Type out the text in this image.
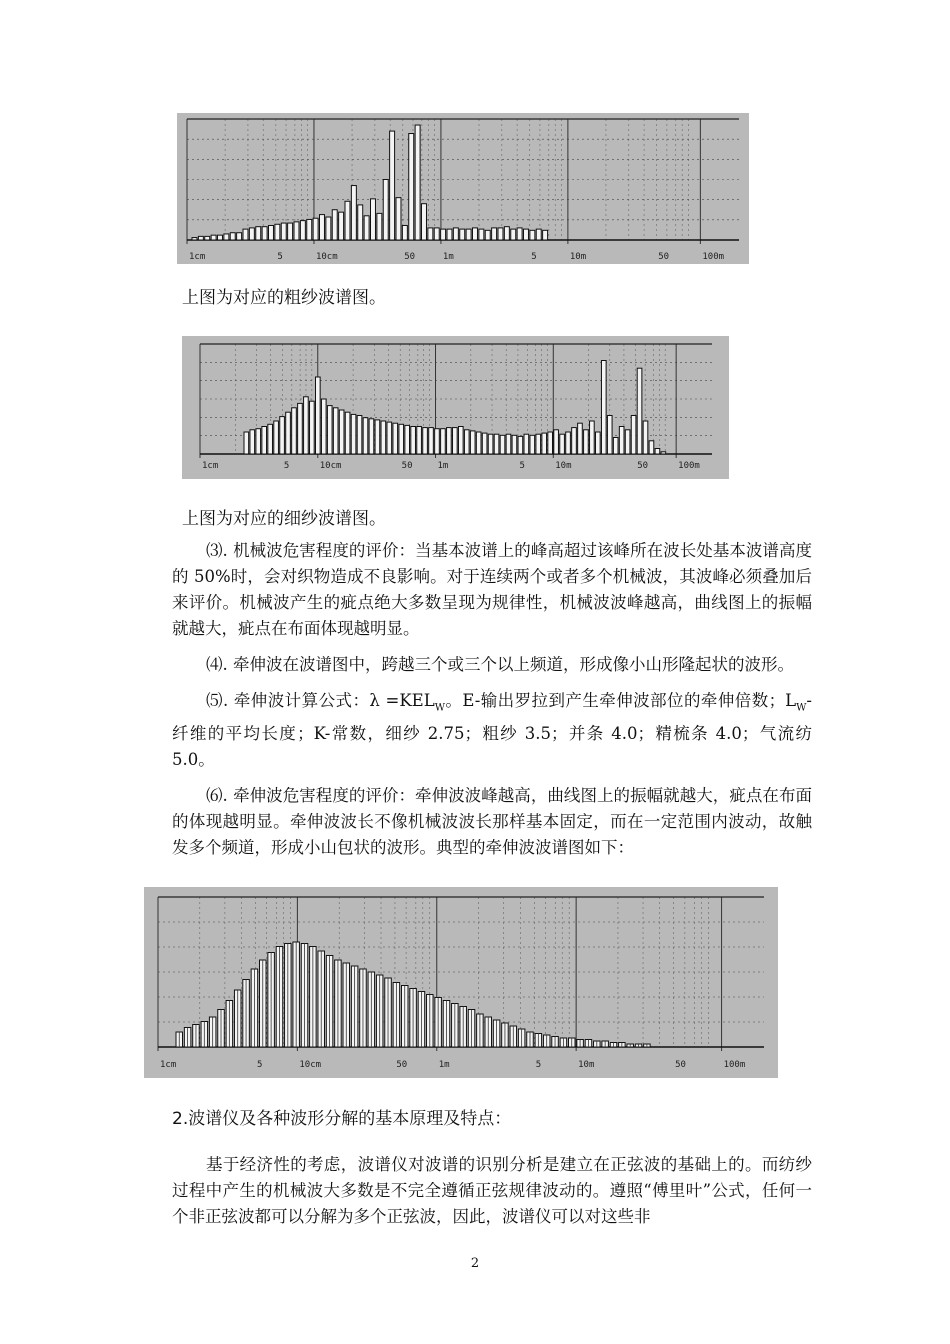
1cm	5	10cm	50	1m	5	10m	50	100m
上图为对应的粗纱波谱图。
1cm	5	10cm	50	1m	5	10m	50	100m
上图为对应的细纱波谱图。

⑶. 机械波危害程度的评价：当基本波谱上的峰高超过该峰所在波长处基本波谱高度的 50%时，会对织物造成不良影响。对于连续两个或者多个机械波，其波峰必须叠加后来评价。机械波产生的疵点绝大多数呈现为规律性，机械波波峰越高，曲线图上的振幅就越大，疵点在布面体现越明显。

⑷. 牵伸波在波谱图中，跨越三个或三个以上频道，形成像小山形隆起状的波形。

⑸. 牵伸波计算公式：$\lambda =KEL_W$。E-输出罗拉到产生牵伸波部位的牵伸倍数；$L_W-$纤维的平均长度；K-常数，细纱 2.75；粗纱 3.5；并条 4.0；精梳条 4.0；气流纺 5.0。

⑹. 牵伸波危害程度的评价：牵伸波波峰越高，曲线图上的振幅就越大，疵点在布面的体现越明显。牵伸波波长不像机械波波长那样基本固定，而在一定范围内波动，故触发多个频道，形成小山包状的波形。典型的牵伸波波谱图如下：

1cm	5	10cm	50	1m	5	10m	50	100m
2.波谱仪及各种波形分解的基本原理及特点：

基于经济性的考虑，波谱仪对波谱的识别分析是建立在正弦波的基础上的。而纺纱过程中产生的机械波大多数是不完全遵循正弦规律波动的。遵照“傅里叶”公式，任何一个非正弦波都可以分解为多个正弦波，因此，波谱仪可以对这些非

2
